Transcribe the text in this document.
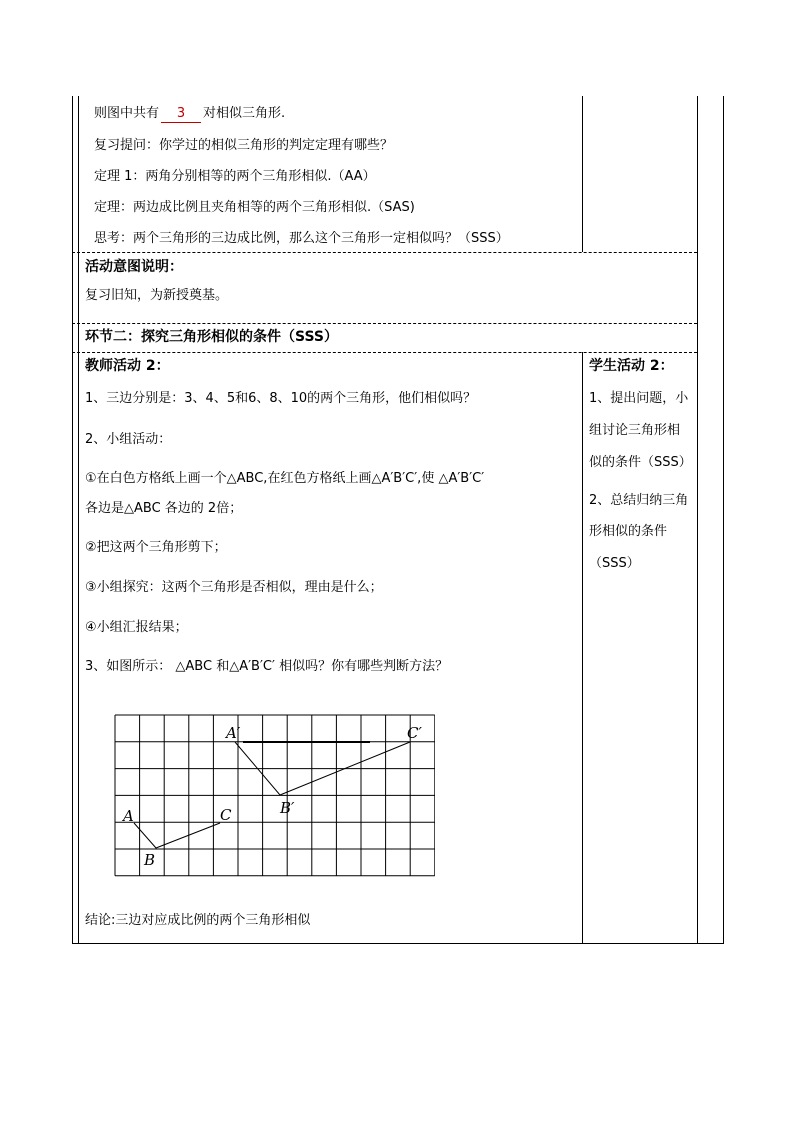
则图中共有 3 对相似三角形.
复习提问：你学过的相似三角形的判定定理有哪些？
定理 1：两角分别相等的两个三角形相似.（AA）
定理：两边成比例且夹角相等的两个三角形相似.（SAS)
思考：两个三角形的三边成比例，那么这个三角形一定相似吗？（SSS）
活动意图说明：
复习旧知，为新授奠基。
环节二：探究三角形相似的条件（SSS）
教师活动 2：
1、三边分别是：3、4、5和6、8、10的两个三角形，他们相似吗？
2、小组活动：
①在白色方格纸上画一个△ABC,在红色方格纸上画△A′B′C′,使 △A′B′C′
各边是△ABC 各边的 2倍；
②把这两个三角形剪下；
③小组探究：这两个三角形是否相似，理由是什么；
④小组汇报结果；
3、如图所示： △ABC 和△A′B′C′ 相似吗？你有哪些判断方法？
学生活动 2：
1、提出问题，小
组讨论三角形相
似的条件（SSS）
2、总结归纳三角
形相似的条件
（SSS）
A
B
C
A′
B′
C′
结论:三边对应成比例的两个三角形相似
